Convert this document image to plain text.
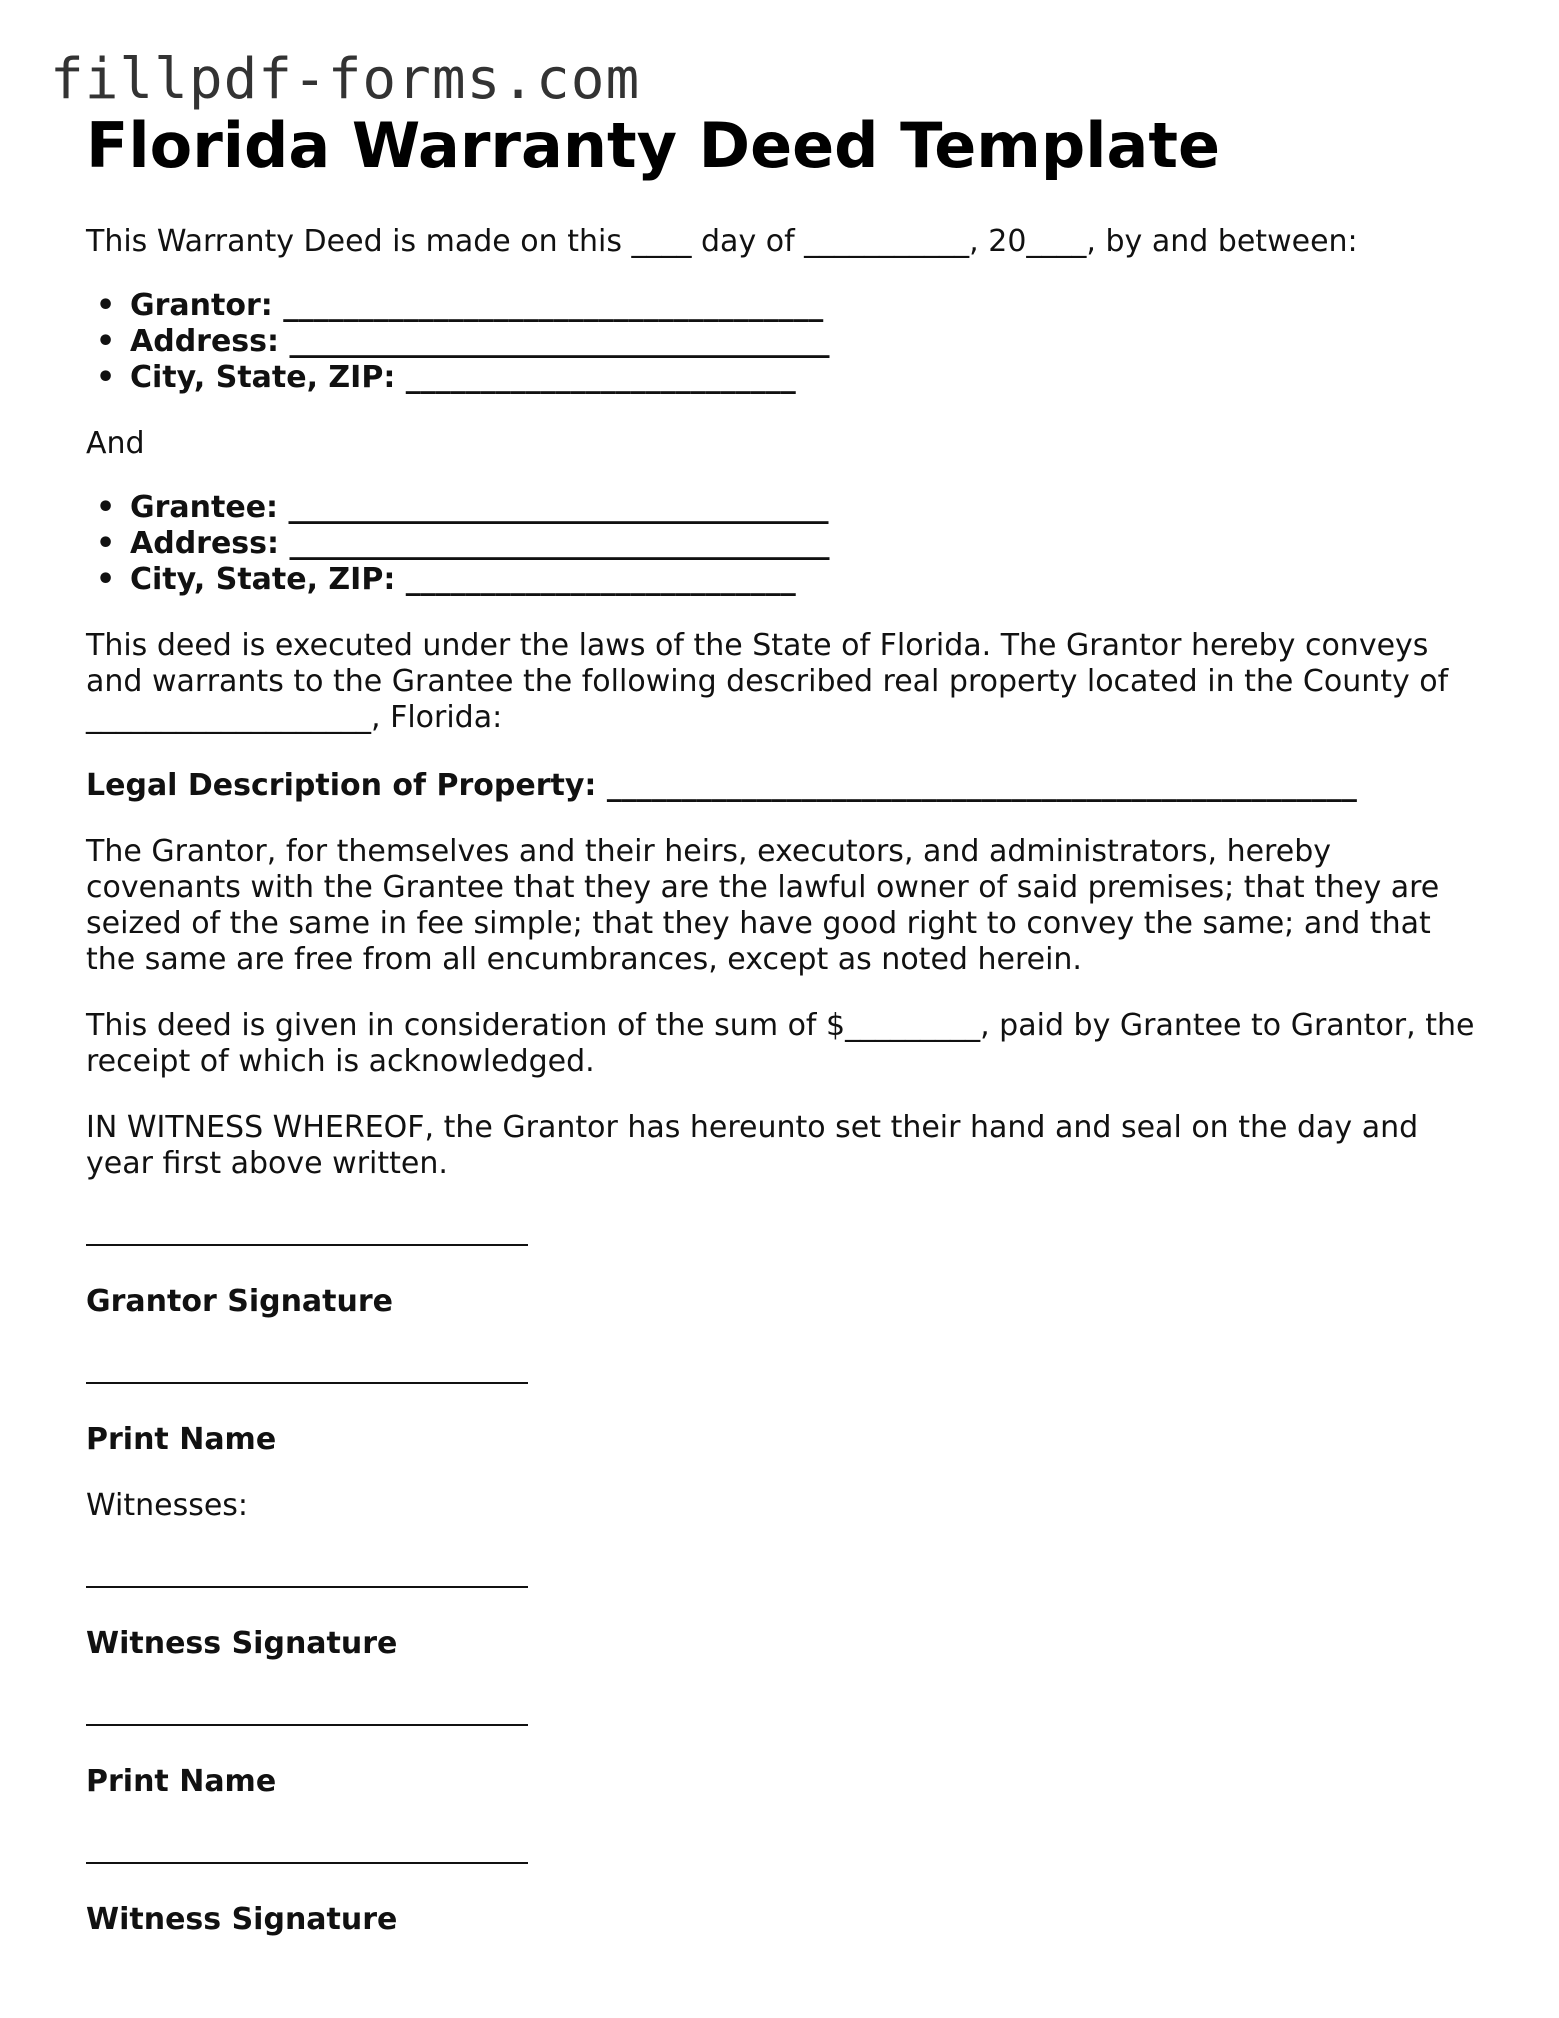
fillpdf-forms.com
Florida Warranty Deed Template

This Warranty Deed is made on this ____ day of ___________, 20____, by and between:

• Grantor: ____________________________________
• Address: ____________________________________
• City, State, ZIP: __________________________

And

• Grantee: ____________________________________
• Address: ____________________________________
• City, State, ZIP: __________________________

This deed is executed under the laws of the State of Florida. The Grantor hereby conveys and warrants to the Grantee the following described real property located in the County of ___________________, Florida:

Legal Description of Property: __________________________________________________

The Grantor, for themselves and their heirs, executors, and administrators, hereby covenants with the Grantee that they are the lawful owner of said premises; that they are seized of the same in fee simple; that they have good right to convey the same; and that the same are free from all encumbrances, except as noted herein.

This deed is given in consideration of the sum of $_________, paid by Grantee to Grantor, the receipt of which is acknowledged.

IN WITNESS WHEREOF, the Grantor has hereunto set their hand and seal on the day and year first above written.

Grantor Signature
Print Name

Witnesses:

Witness Signature
Print Name
Witness Signature
